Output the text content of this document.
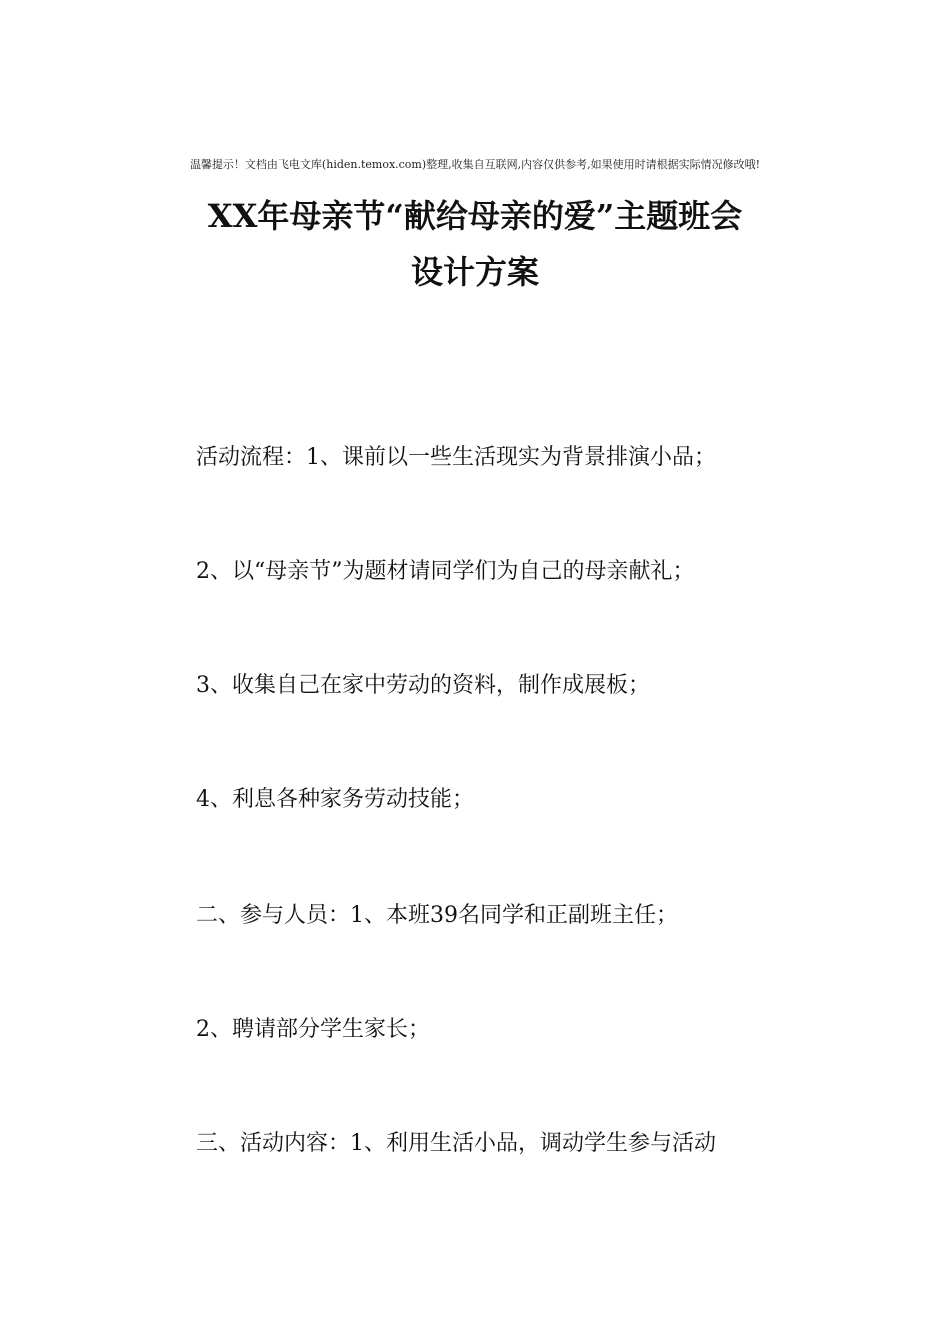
温馨提示！文档由飞电文库(hiden.temox.com)整理,收集自互联网,内容仅供参考,如果使用时请根据实际情况修改哦!
XX年母亲节“献给母亲的爱”主题班会
设计方案
活动流程：1、课前以一些生活现实为背景排演小品；
2、以“母亲节”为题材请同学们为自己的母亲献礼；
3、收集自己在家中劳动的资料，制作成展板；
4、利息各种家务劳动技能；
二、参与人员：1、本班39名同学和正副班主任；
2、聘请部分学生家长；
三、活动内容：1、利用生活小品，调动学生参与活动
